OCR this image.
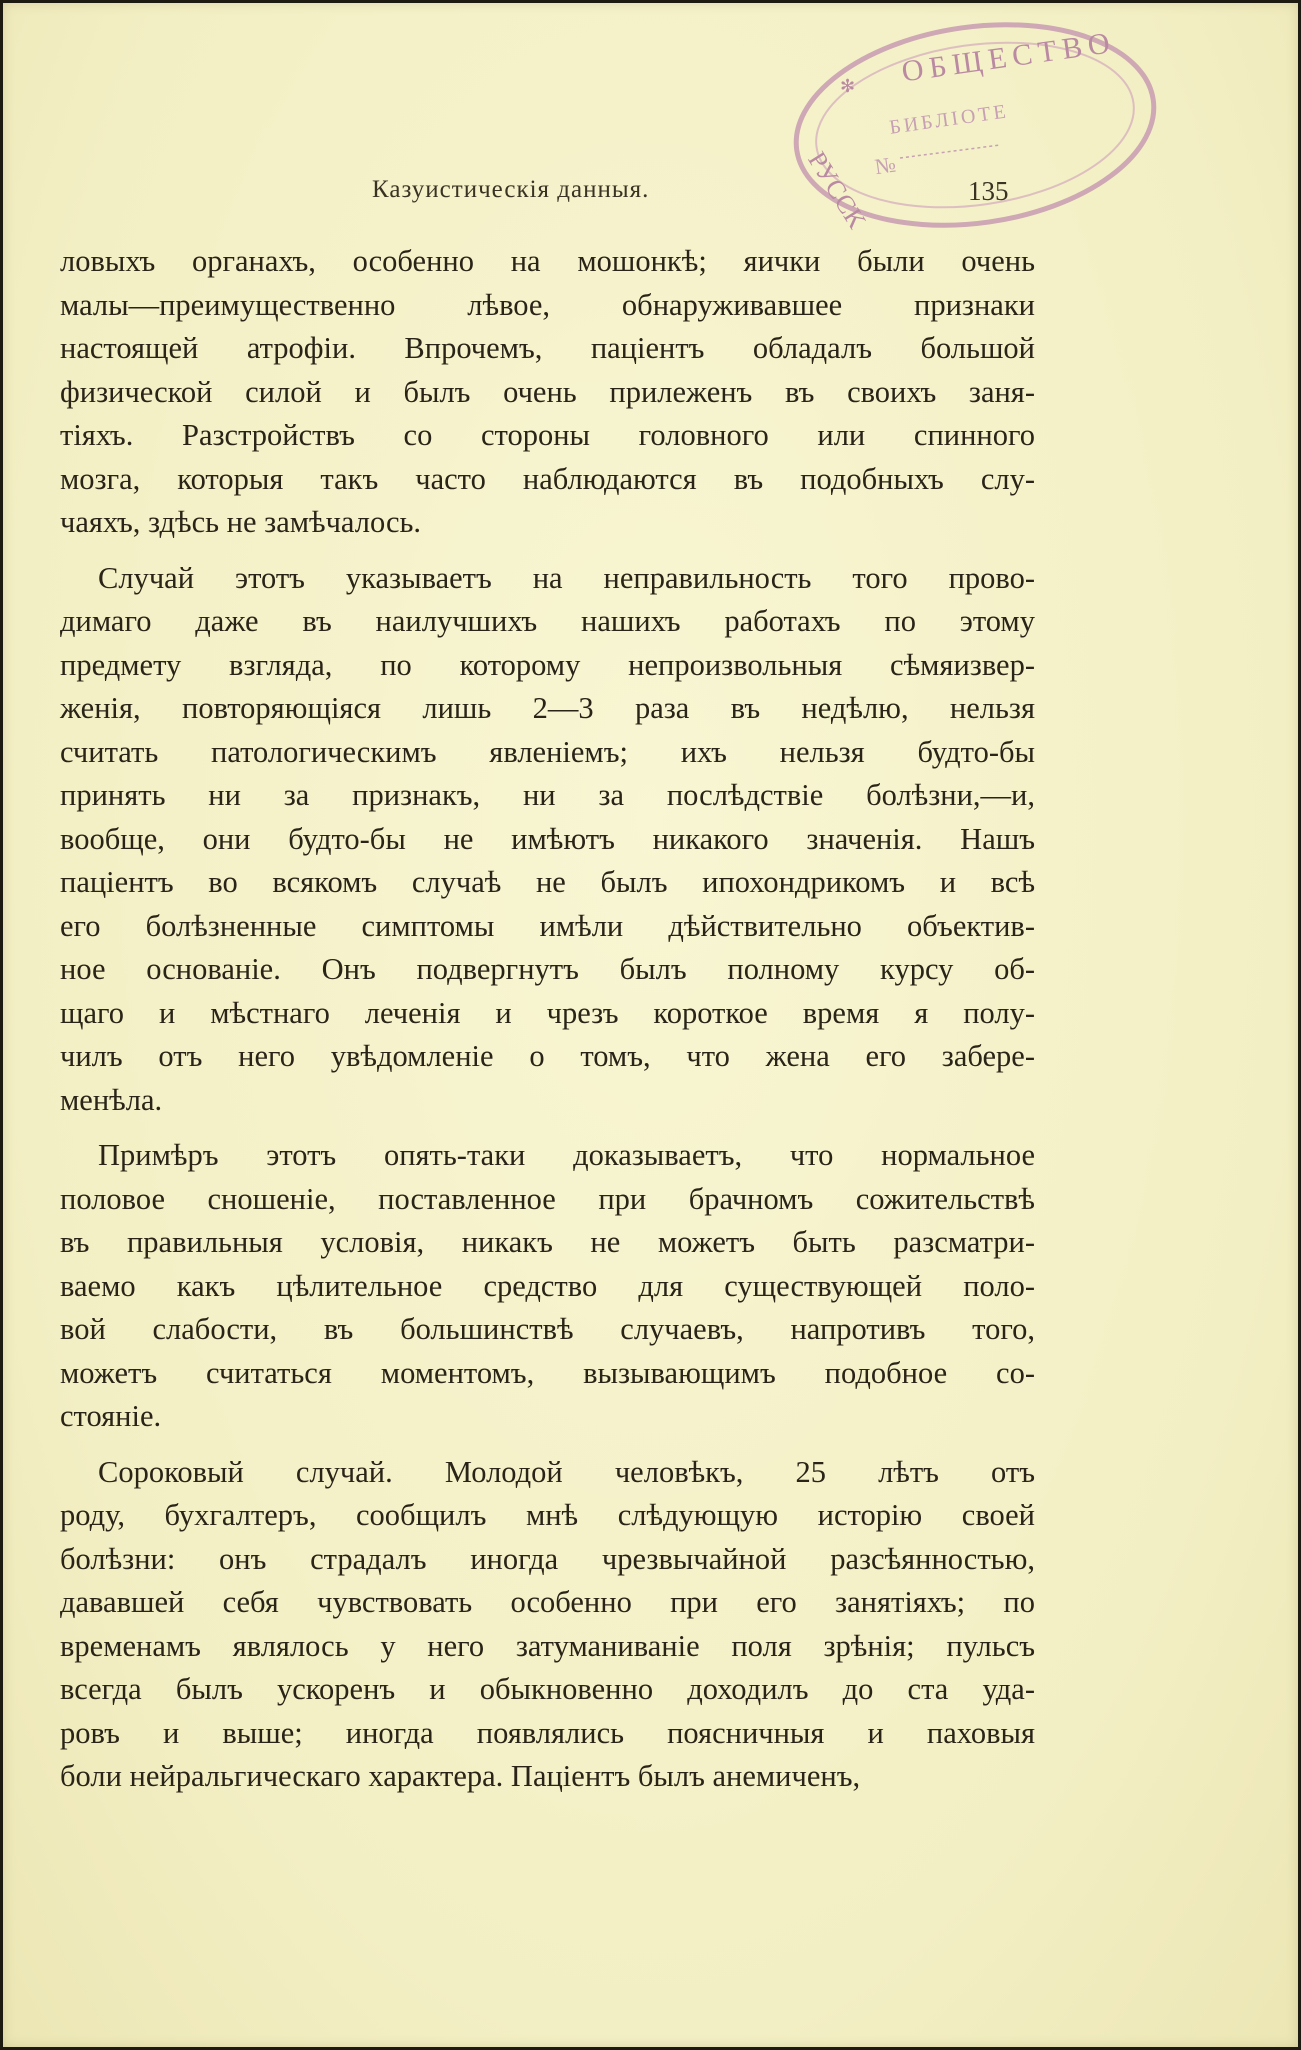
✻ ОБЩЕСТВО
БИБЛІОТЕ
№
РУССК
Казуистическія данныя.	135
ловыхъ органахъ, особенно на мошонкѣ; яички были очень
малы—преимущественно лѣвое, обнаруживавшее признаки
настоящей атрофіи. Впрочемъ, паціентъ обладалъ большой
физической силой и былъ очень прилеженъ въ своихъ заня-
тіяхъ. Разстройствъ со стороны головного или спинного
мозга, которыя такъ часто наблюдаются въ подобныхъ слу-
чаяхъ, здѣсь не замѣчалось.
Случай этотъ указываетъ на неправильность того прово-
димаго даже въ наилучшихъ нашихъ работахъ по этому
предмету взгляда, по которому непроизвольныя сѣмяизвер-
женія, повторяющіяся лишь 2—3 раза въ недѣлю, нельзя
считать патологическимъ явленіемъ; ихъ нельзя будто-бы
принять ни за признакъ, ни за послѣдствіе болѣзни,—и,
вообще, они будто-бы не имѣютъ никакого значенія. Нашъ
паціентъ во всякомъ случаѣ не былъ ипохондрикомъ и всѣ
его болѣзненные симптомы имѣли дѣйствительно объектив-
ное основаніе. Онъ подвергнутъ былъ полному курсу об-
щаго и мѣстнаго леченія и чрезъ короткое время я полу-
чилъ отъ него увѣдомленіе о томъ, что жена его забере-
менѣла.
Примѣръ этотъ опять-таки доказываетъ, что нормальное
половое сношеніе, поставленное при брачномъ сожительствѣ
въ правильныя условія, никакъ не можетъ быть разсматри-
ваемо какъ цѣлительное средство для существующей поло-
вой слабости, въ большинствѣ случаевъ, напротивъ того,
можетъ считаться моментомъ, вызывающимъ подобное со-
стояніе.
Сороковый случай. Молодой человѣкъ, 25 лѣтъ отъ
роду, бухгалтеръ, сообщилъ мнѣ слѣдующую исторію своей
болѣзни: онъ страдалъ иногда чрезвычайной разсѣянностью,
дававшей себя чувствовать особенно при его занятіяхъ; по
временамъ являлось у него затуманиваніе поля зрѣнія; пульсъ
всегда былъ ускоренъ и обыкновенно доходилъ до ста уда-
ровъ и выше; иногда появлялись поясничныя и паховыя
боли нейральгическаго характера. Паціентъ былъ анемиченъ,
